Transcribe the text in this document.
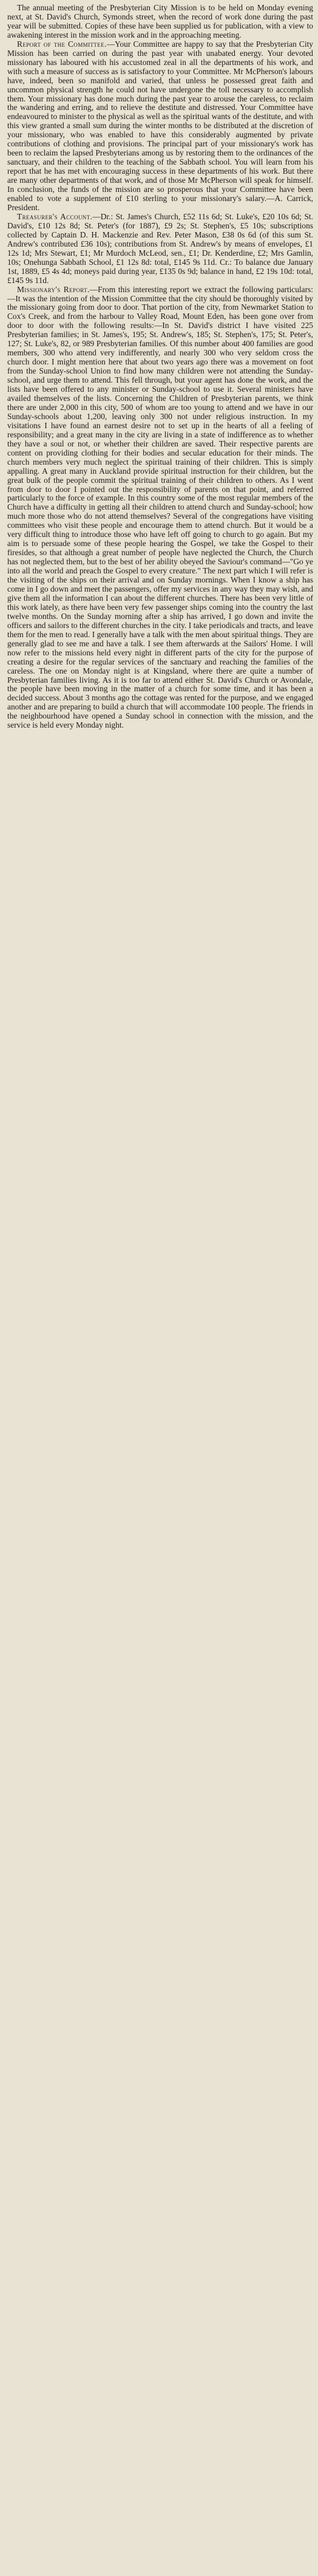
The annual meeting of the Presbyterian City Mission is to be held on Monday evening next, at St. David's Church, Symonds street, when the record of work done during the past year will be submitted. Copies of these have been supplied us for publication, with a view to awakening interest in the mission work and in the approaching meeting.

Report of the Committee.—Your Committee are happy to say that the Presbyterian City Mission has been carried on during the past year with unabated energy. Your devoted missionary has laboured with his accustomed zeal in all the departments of his work, and with such a measure of success as is satisfactory to your Committee. Mr McPherson's labours have, indeed, been so manifold and varied, that unless he possessed great faith and uncommon physical strength he could not have undergone the toll necessary to accomplish them. Your missionary has done much during the past year to arouse the careless, to reclaim the wandering and erring, and to relieve the destitute and distressed. Your Committee have endeavoured to minister to the physical as well as the spiritual wants of the destitute, and with this view granted a small sum during the winter months to be distributed at the discretion of your missionary, who was enabled to have this considerably augmented by private contributions of clothing and provisions. The principal part of your missionary's work has been to reclaim the lapsed Presbyterians among us by restoring them to the ordinances of the sanctuary, and their children to the teaching of the Sabbath school. You will learn from his report that he has met with encouraging success in these departments of his work. But there are many other departments of that work, and of those Mr McPherson will speak for himself. In conclusion, the funds of the mission are so prosperous that your Committee have been enabled to vote a supplement of £10 sterling to your missionary's salary.—A. Carrick, President.

Treasurer's Account.—Dr.: St. James's Church, £52 11s 6d; St. Luke's, £20 10s 6d; St. David's, £10 12s 8d; St. Peter's (for 1887), £9 2s; St. Stephen's, £5 10s; subscriptions collected by Captain D. H. Mackenzie and Rev. Peter Mason, £38 0s 6d (of this sum St. Andrew's contributed £36 10s); contributions from St. Andrew's by means of envelopes, £1 12s 1d; Mrs Stewart, £1; Mr Murdoch McLeod, sen., £1; Dr. Kenderdine, £2; Mrs Gamlin, 10s; Onehunga Sabbath School, £1 12s 8d: total, £145 9s 11d. Cr.: To balance due January 1st, 1889, £5 4s 4d; moneys paid during year, £135 0s 9d; balance in hand, £2 19s 10d: total, £145 9s 11d.

Missionary's Report.—From this interesting report we extract the following particulars:—It was the intention of the Mission Committee that the city should be thoroughly visited by the missionary going from door to door. That portion of the city, from Newmarket Station to Cox's Creek, and from the harbour to Valley Road, Mount Eden, has been gone over from door to door with the following results:—In St. David's district I have visited 225 Presbyterian families; in St. James's, 195; St. Andrew's, 185; St. Stephen's, 175; St. Peter's, 127; St. Luke's, 82, or 989 Presbyterian families. Of this number about 400 families are good members, 300 who attend very indifferently, and nearly 300 who very seldom cross the church door. I might mention here that about two years ago there was a movement on foot from the Sunday-school Union to find how many children were not attending the Sunday-school, and urge them to attend. This fell through, but your agent has done the work, and the lists have been offered to any minister or Sunday-school to use it. Several ministers have availed themselves of the lists. Concerning the Children of Presbyterian parents, we think there are under 2,000 in this city, 500 of whom are too young to attend and we have in our Sunday-schools about 1,200, leaving only 300 not under religious instruction. In my visitations I have found an earnest desire not to set up in the hearts of all a feeling of responsibility; and a great many in the city are living in a state of indifference as to whether they have a soul or not, or whether their children are saved. Their respective parents are content on providing clothing for their bodies and secular education for their minds. The church members very much neglect the spiritual training of their children. This is simply appalling. A great many in Auckland provide spiritual instruction for their children, but the great bulk of the people commit the spiritual training of their children to others. As I went from door to door I pointed out the responsibility of parents on that point, and referred particularly to the force of example. In this country some of the most regular members of the Church have a difficulty in getting all their children to attend church and Sunday-school; how much more those who do not attend themselves? Several of the congregations have visiting committees who visit these people and encourage them to attend church. But it would be a very difficult thing to introduce those who have left off going to church to go again. But my aim is to persuade some of these people hearing the Gospel, we take the Gospel to their firesides, so that although a great number of people have neglected the Church, the Church has not neglected them, but to the best of her ability obeyed the Saviour's command—"Go ye into all the world and preach the Gospel to every creature." The next part which I will refer is the visiting of the ships on their arrival and on Sunday mornings. When I know a ship has come in I go down and meet the passengers, offer my services in any way they may wish, and give them all the information I can about the different churches. There has been very little of this work lately, as there have been very few passenger ships coming into the country the last twelve months. On the Sunday morning after a ship has arrived, I go down and invite the officers and sailors to the different churches in the city. I take periodicals and tracts, and leave them for the men to read. I generally have a talk with the men about spiritual things. They are generally glad to see me and have a talk. I see them afterwards at the Sailors' Home. I will now refer to the missions held every night in different parts of the city for the purpose of creating a desire for the regular services of the sanctuary and reaching the families of the careless. The one on Monday night is at Kingsland, where there are quite a number of Presbyterian families living. As it is too far to attend either St. David's Church or Avondale, the people have been moving in the matter of a church for some time, and it has been a decided success. About 3 months ago the cottage was rented for the purpose, and we engaged another and are preparing to build a church that will accommodate 100 people. The friends in the neighbourhood have opened a Sunday school in connection with the mission, and the service is held every Monday night.
